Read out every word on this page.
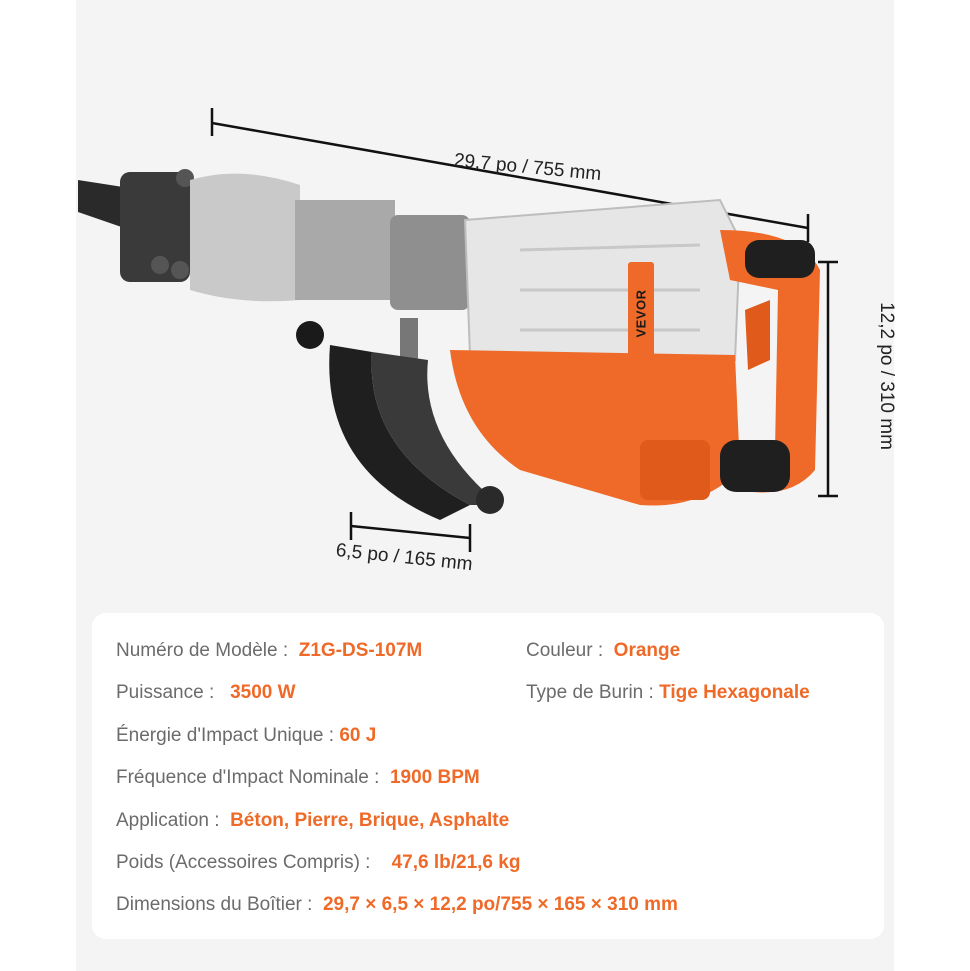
29,7 po / 755 mm
12,2 po / 310 mm
6,5 po / 165 mm
VEVOR
Numéro de Modèle : Z1G-DS-107M	Couleur : Orange
Puissance : 3500 W	Type de Burin : Tige Hexagonale
Énergie d'Impact Unique : 60 J
Fréquence d'Impact Nominale : 1900 BPM
Application : Béton, Pierre, Brique, Asphalte
Poids (Accessoires Compris) : 47,6 lb/21,6 kg
Dimensions du Boîtier : 29,7 × 6,5 × 12,2 po/755 × 165 × 310 mm
